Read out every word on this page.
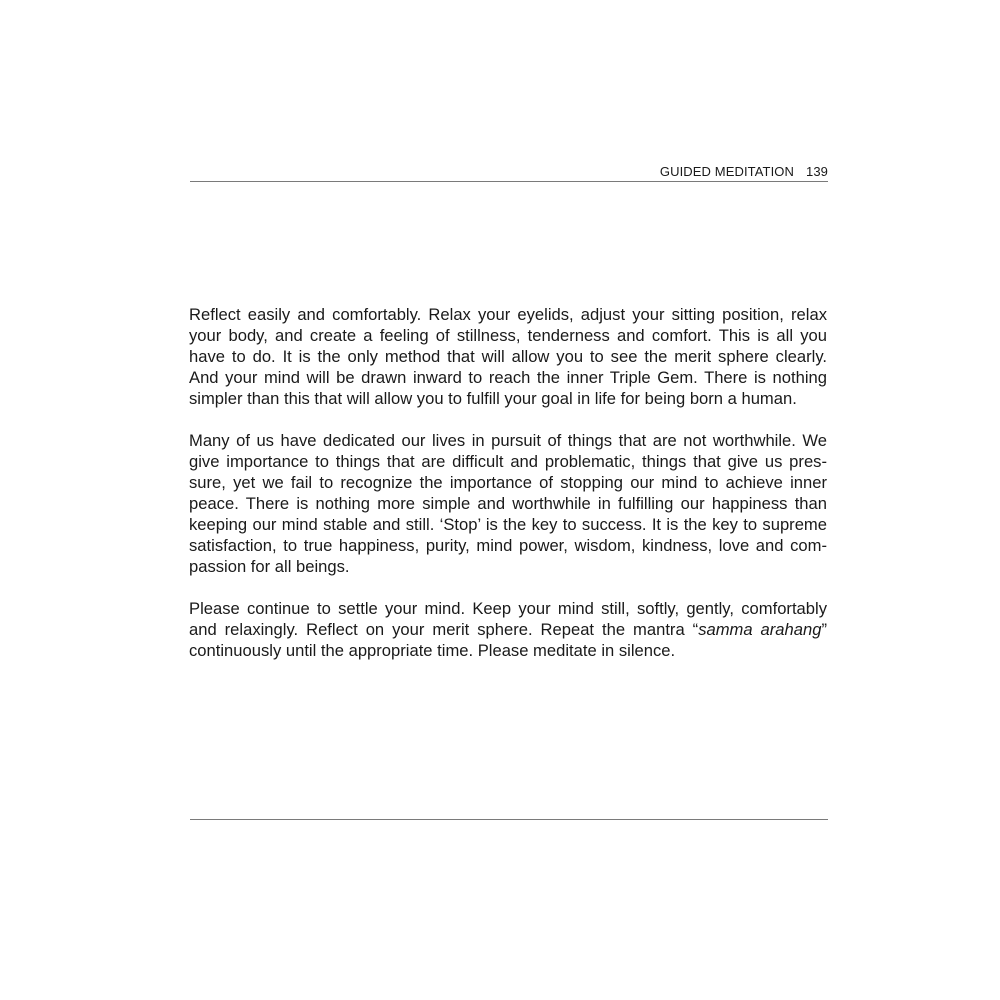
GUIDED MEDITATION 139

Reflect easily and comfortably. Relax your eyelids, adjust your sitting position, relax
your body, and create a feeling of stillness, tenderness and comfort. This is all you
have to do. It is the only method that will allow you to see the merit sphere clearly.
And your mind will be drawn inward to reach the inner Triple Gem. There is nothing
simpler than this that will allow you to fulfill your goal in life for being born a human.

Many of us have dedicated our lives in pursuit of things that are not worthwhile. We
give importance to things that are difficult and problematic, things that give us pres-
sure, yet we fail to recognize the importance of stopping our mind to achieve inner
peace. There is nothing more simple and worthwhile in fulfilling our happiness than
keeping our mind stable and still. ‘Stop’ is the key to success. It is the key to supreme
satisfaction, to true happiness, purity, mind power, wisdom, kindness, love and com-
passion for all beings.

Please continue to settle your mind. Keep your mind still, softly, gently, comfortably
and relaxingly. Reflect on your merit sphere. Repeat the mantra “samma arahang”
continuously until the appropriate time. Please meditate in silence.
